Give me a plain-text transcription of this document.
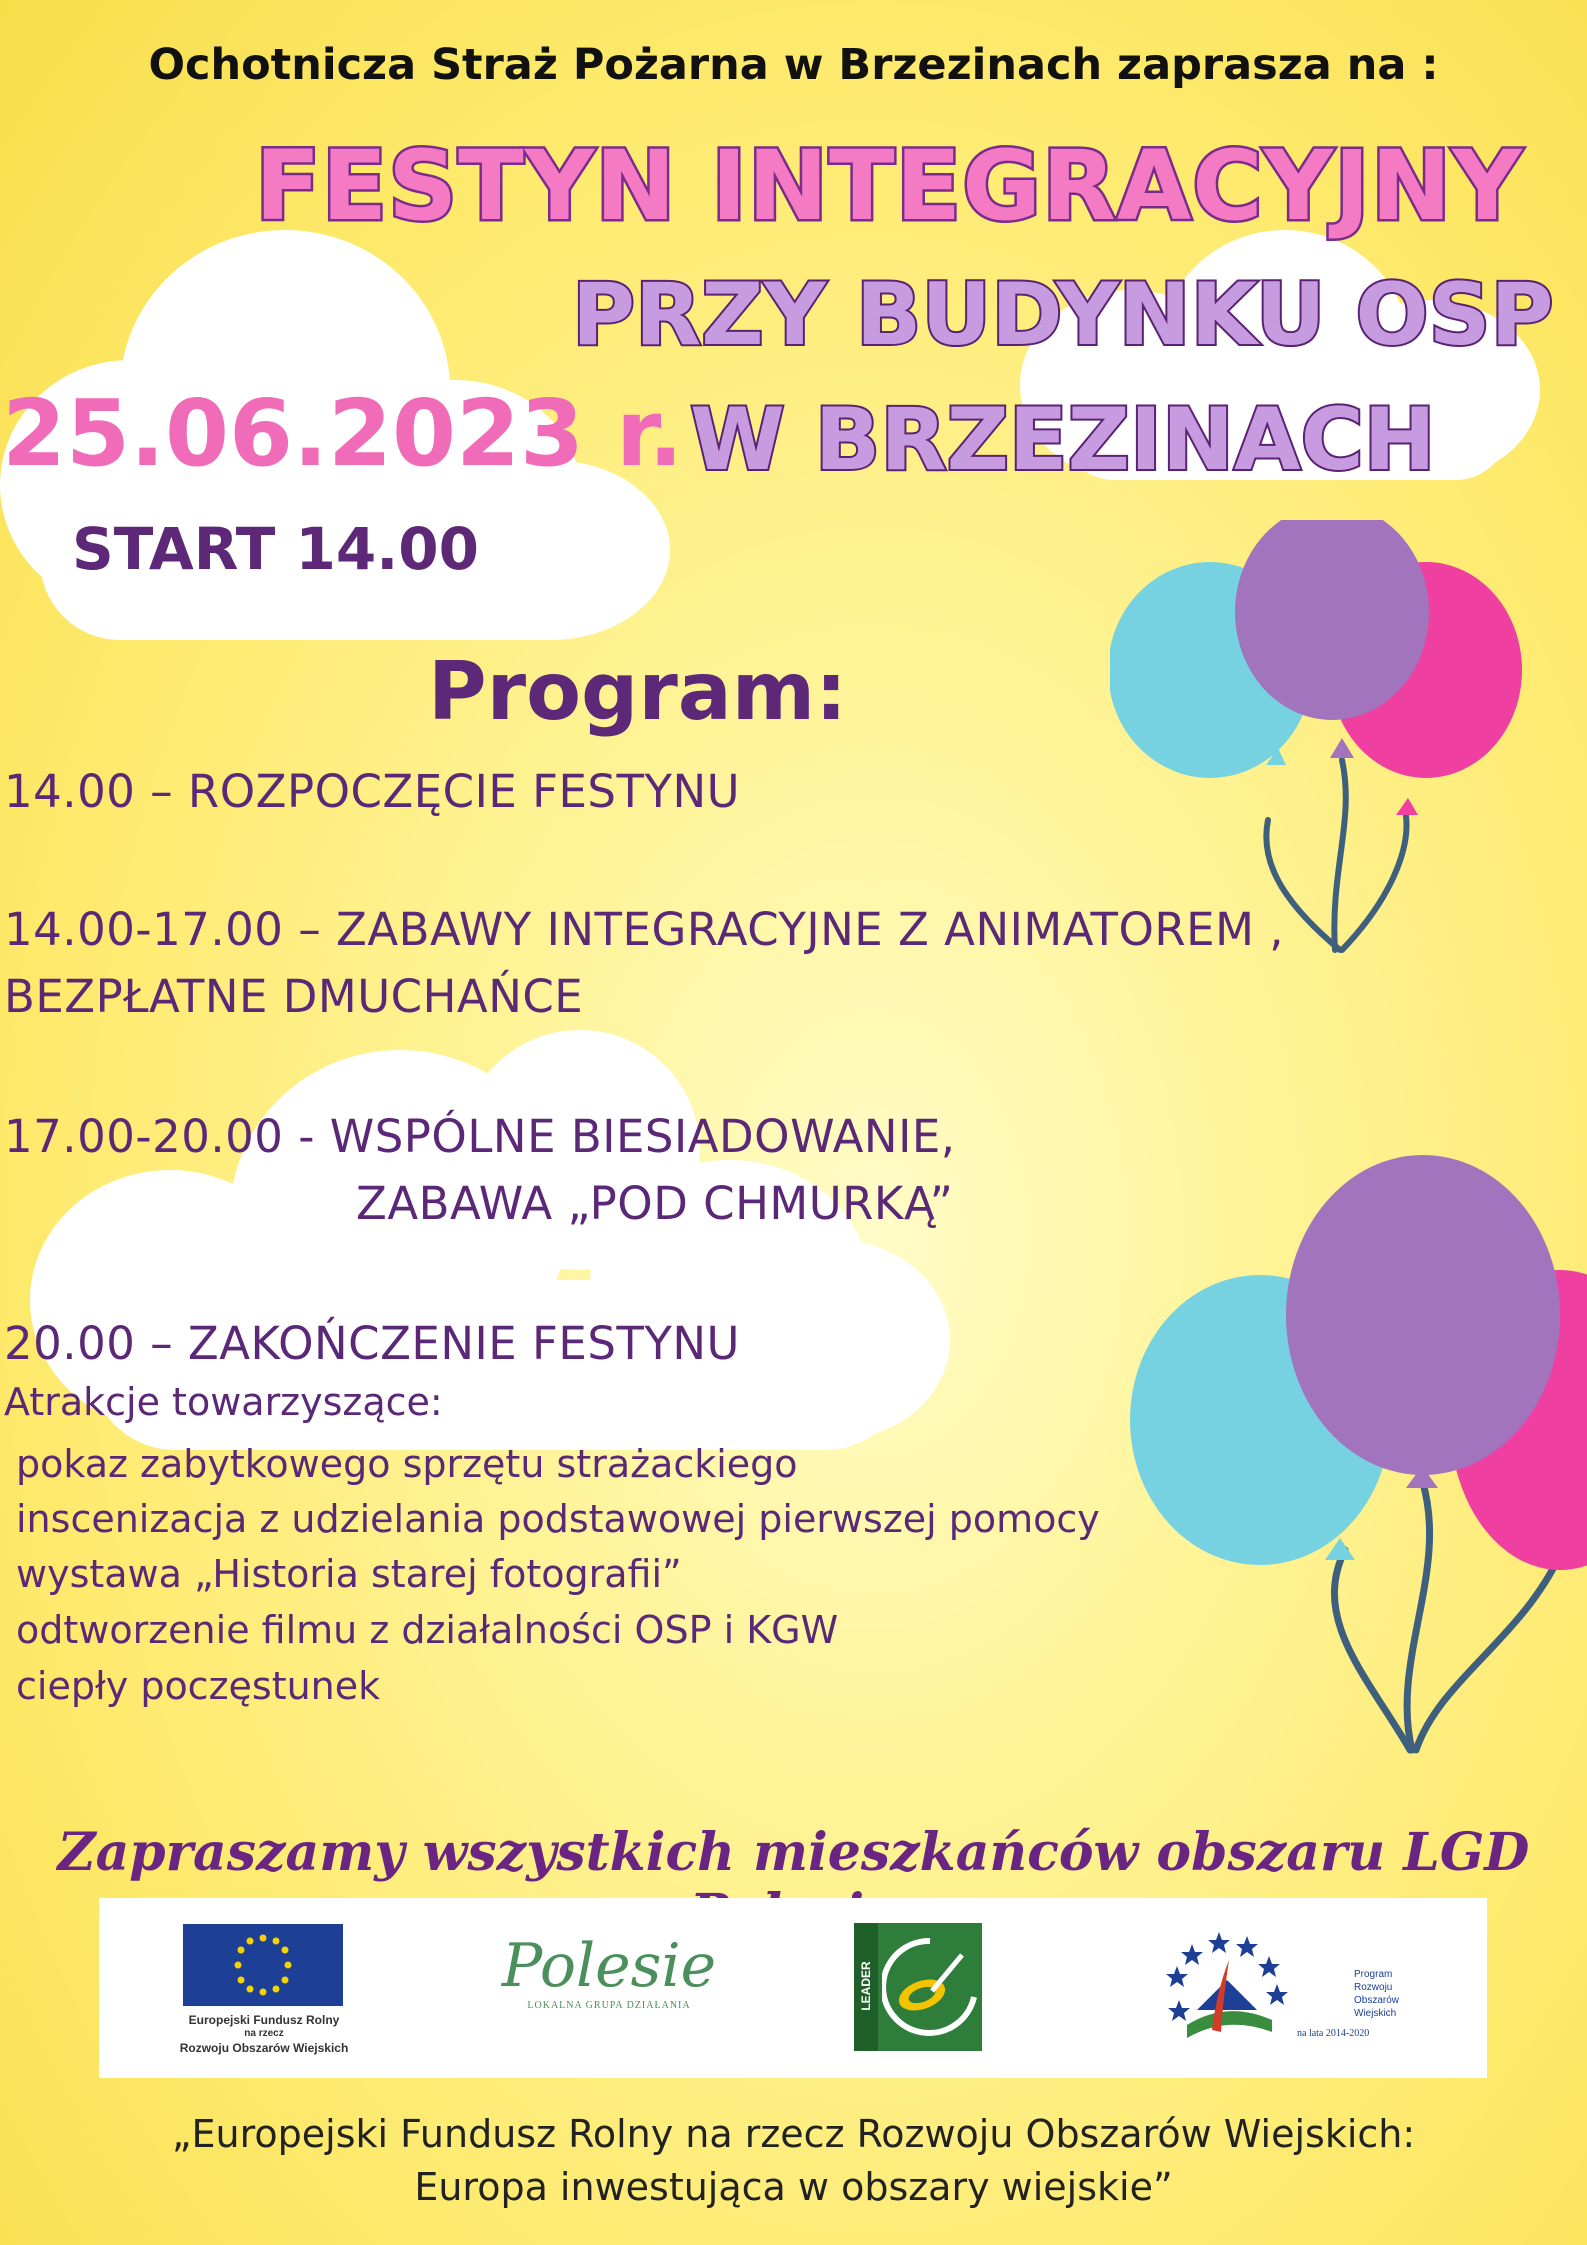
Ochotnicza Straż Pożarna w Brzezinach zaprasza na :
FESTYN INTEGRACYJNY
PRZY BUDYNKU OSP
W BRZEZINACH
25.06.2023 r.
START 14.00
Program:
14.00 – ROZPOCZĘCIE FESTYNU
14.00-17.00 – ZABAWY INTEGRACYJNE Z ANIMATOREM ,
BEZPŁATNE DMUCHAŃCE
17.00-20.00 - WSPÓLNE BIESIADOWANIE,
ZABAWA „POD CHMURKĄ”
20.00 – ZAKOŃCZENIE FESTYNU
Atrakcje towarzyszące:
pokaz zabytkowego sprzętu strażackiego
inscenizacja z udzielania podstawowej pierwszej pomocy
wystawa „Historia starej fotografii”
odtworzenie filmu z działalności OSP i KGW
ciepły poczęstunek
Zapraszamy wszystkich mieszkańców obszaru LGD
Europejski Fundusz Rolny
na rzecz
Rozwoju Obszarów Wiejskich
Polesie
LOKALNA GRUPA DZIAŁANIA	LEADER	Program
Rozwoju
Obszarów
Wiejskich
na lata 2014-2020
„Europejski Fundusz Rolny na rzecz Rozwoju Obszarów Wiejskich:
Europa inwestująca w obszary wiejskie”
